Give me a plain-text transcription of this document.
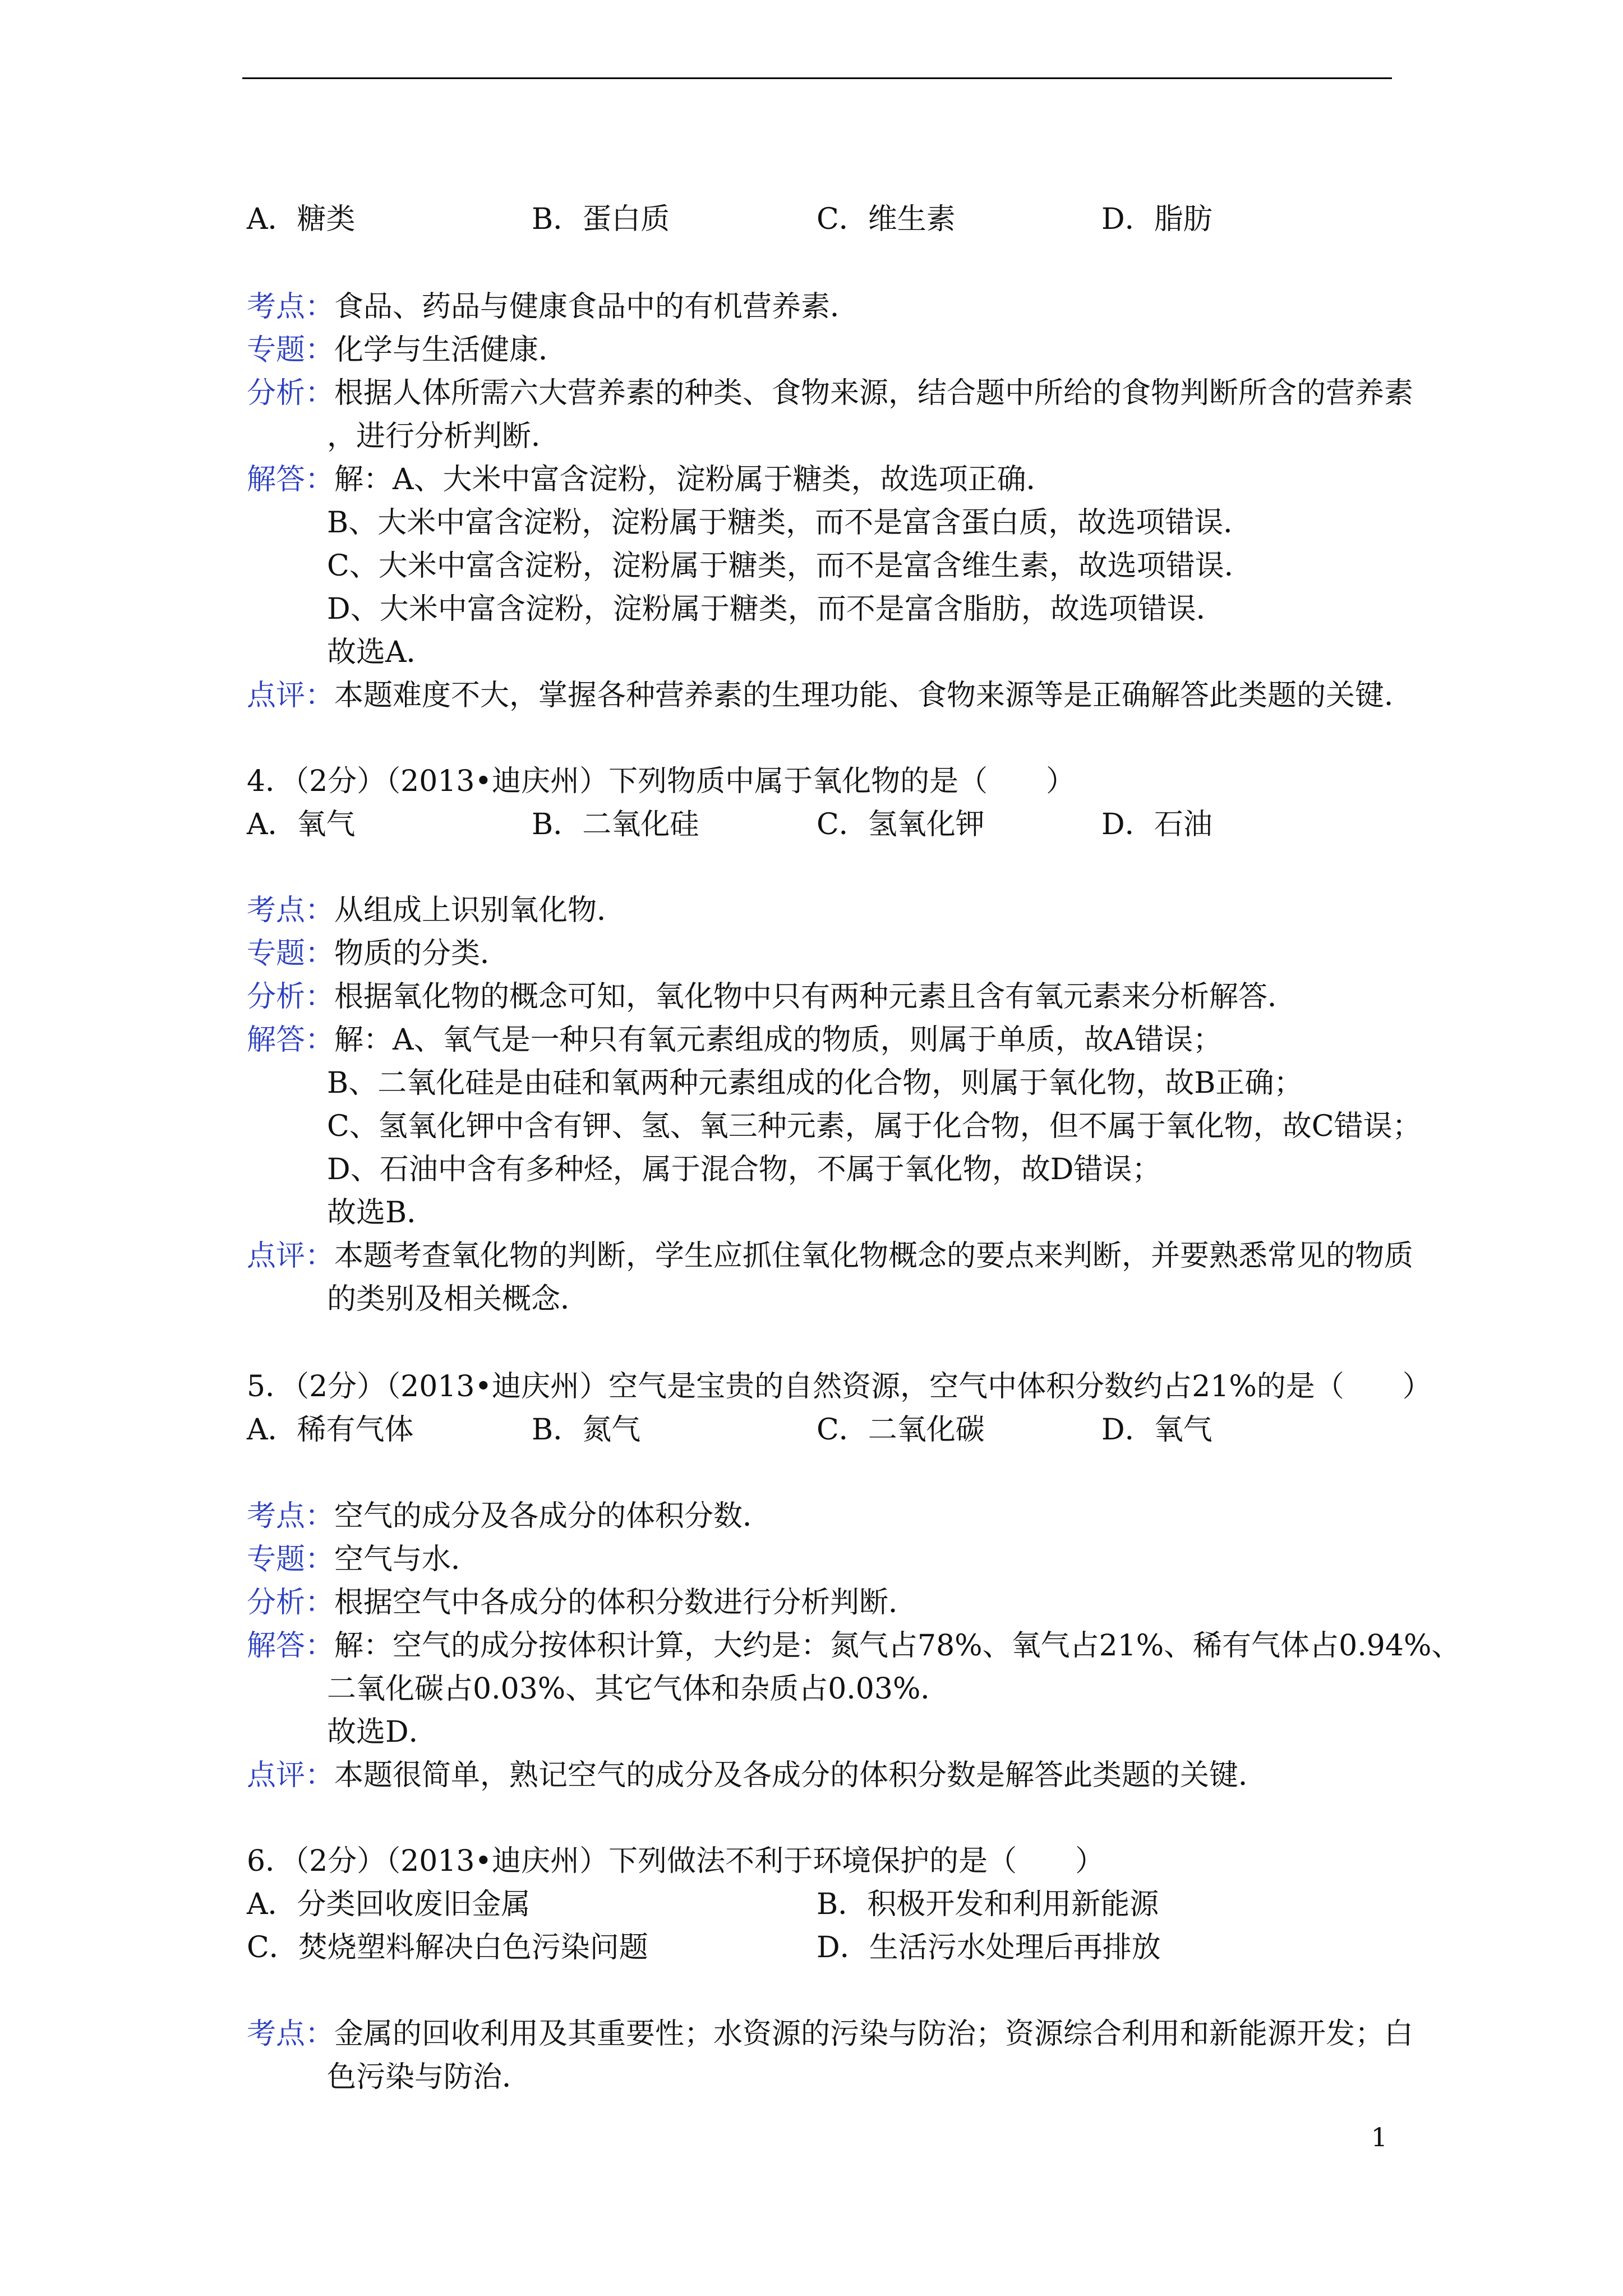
A．糖类	B．蛋白质	C．维生素	D．脂肪
考点：食品、药品与健康食品中的有机营养素．
专题：化学与生活健康．
分析：根据人体所需六大营养素的种类、食物来源，结合题中所给的食物判断所含的营养素
，进行分析判断．
解答：解：A、大米中富含淀粉，淀粉属于糖类，故选项正确．
B、大米中富含淀粉，淀粉属于糖类，而不是富含蛋白质，故选项错误．
C、大米中富含淀粉，淀粉属于糖类，而不是富含维生素，故选项错误．
D、大米中富含淀粉，淀粉属于糖类，而不是富含脂肪，故选项错误．
故选A．
点评：本题难度不大，掌握各种营养素的生理功能、食物来源等是正确解答此类题的关键．
4．（2分）（2013•迪庆州）下列物质中属于氧化物的是（　　）
A．氧气	B．二氧化硅	C．氢氧化钾	D．石油
考点：从组成上识别氧化物．
专题：物质的分类．
分析：根据氧化物的概念可知，氧化物中只有两种元素且含有氧元素来分析解答．
解答：解：A、氧气是一种只有氧元素组成的物质，则属于单质，故A错误；
B、二氧化硅是由硅和氧两种元素组成的化合物，则属于氧化物，故B正确；
C、氢氧化钾中含有钾、氢、氧三种元素，属于化合物，但不属于氧化物，故C错误；
D、石油中含有多种烃，属于混合物，不属于氧化物，故D错误；
故选B．
点评：本题考查氧化物的判断，学生应抓住氧化物概念的要点来判断，并要熟悉常见的物质
的类别及相关概念．
5．（2分）（2013•迪庆州）空气是宝贵的自然资源，空气中体积分数约占21%的是（　　）
A．稀有气体	B．氮气	C．二氧化碳	D．氧气
考点：空气的成分及各成分的体积分数．
专题：空气与水．
分析：根据空气中各成分的体积分数进行分析判断．
解答：解：空气的成分按体积计算，大约是：氮气占78%、氧气占21%、稀有气体占0.94%、
二氧化碳占0.03%、其它气体和杂质占0.03%．
故选D．
点评：本题很简单，熟记空气的成分及各成分的体积分数是解答此类题的关键．
6．（2分）（2013•迪庆州）下列做法不利于环境保护的是（　　）
A．分类回收废旧金属	B．积极开发和利用新能源
C．焚烧塑料解决白色污染问题	D．生活污水处理后再排放
考点：金属的回收利用及其重要性；水资源的污染与防治；资源综合利用和新能源开发；白
色污染与防治．
1
